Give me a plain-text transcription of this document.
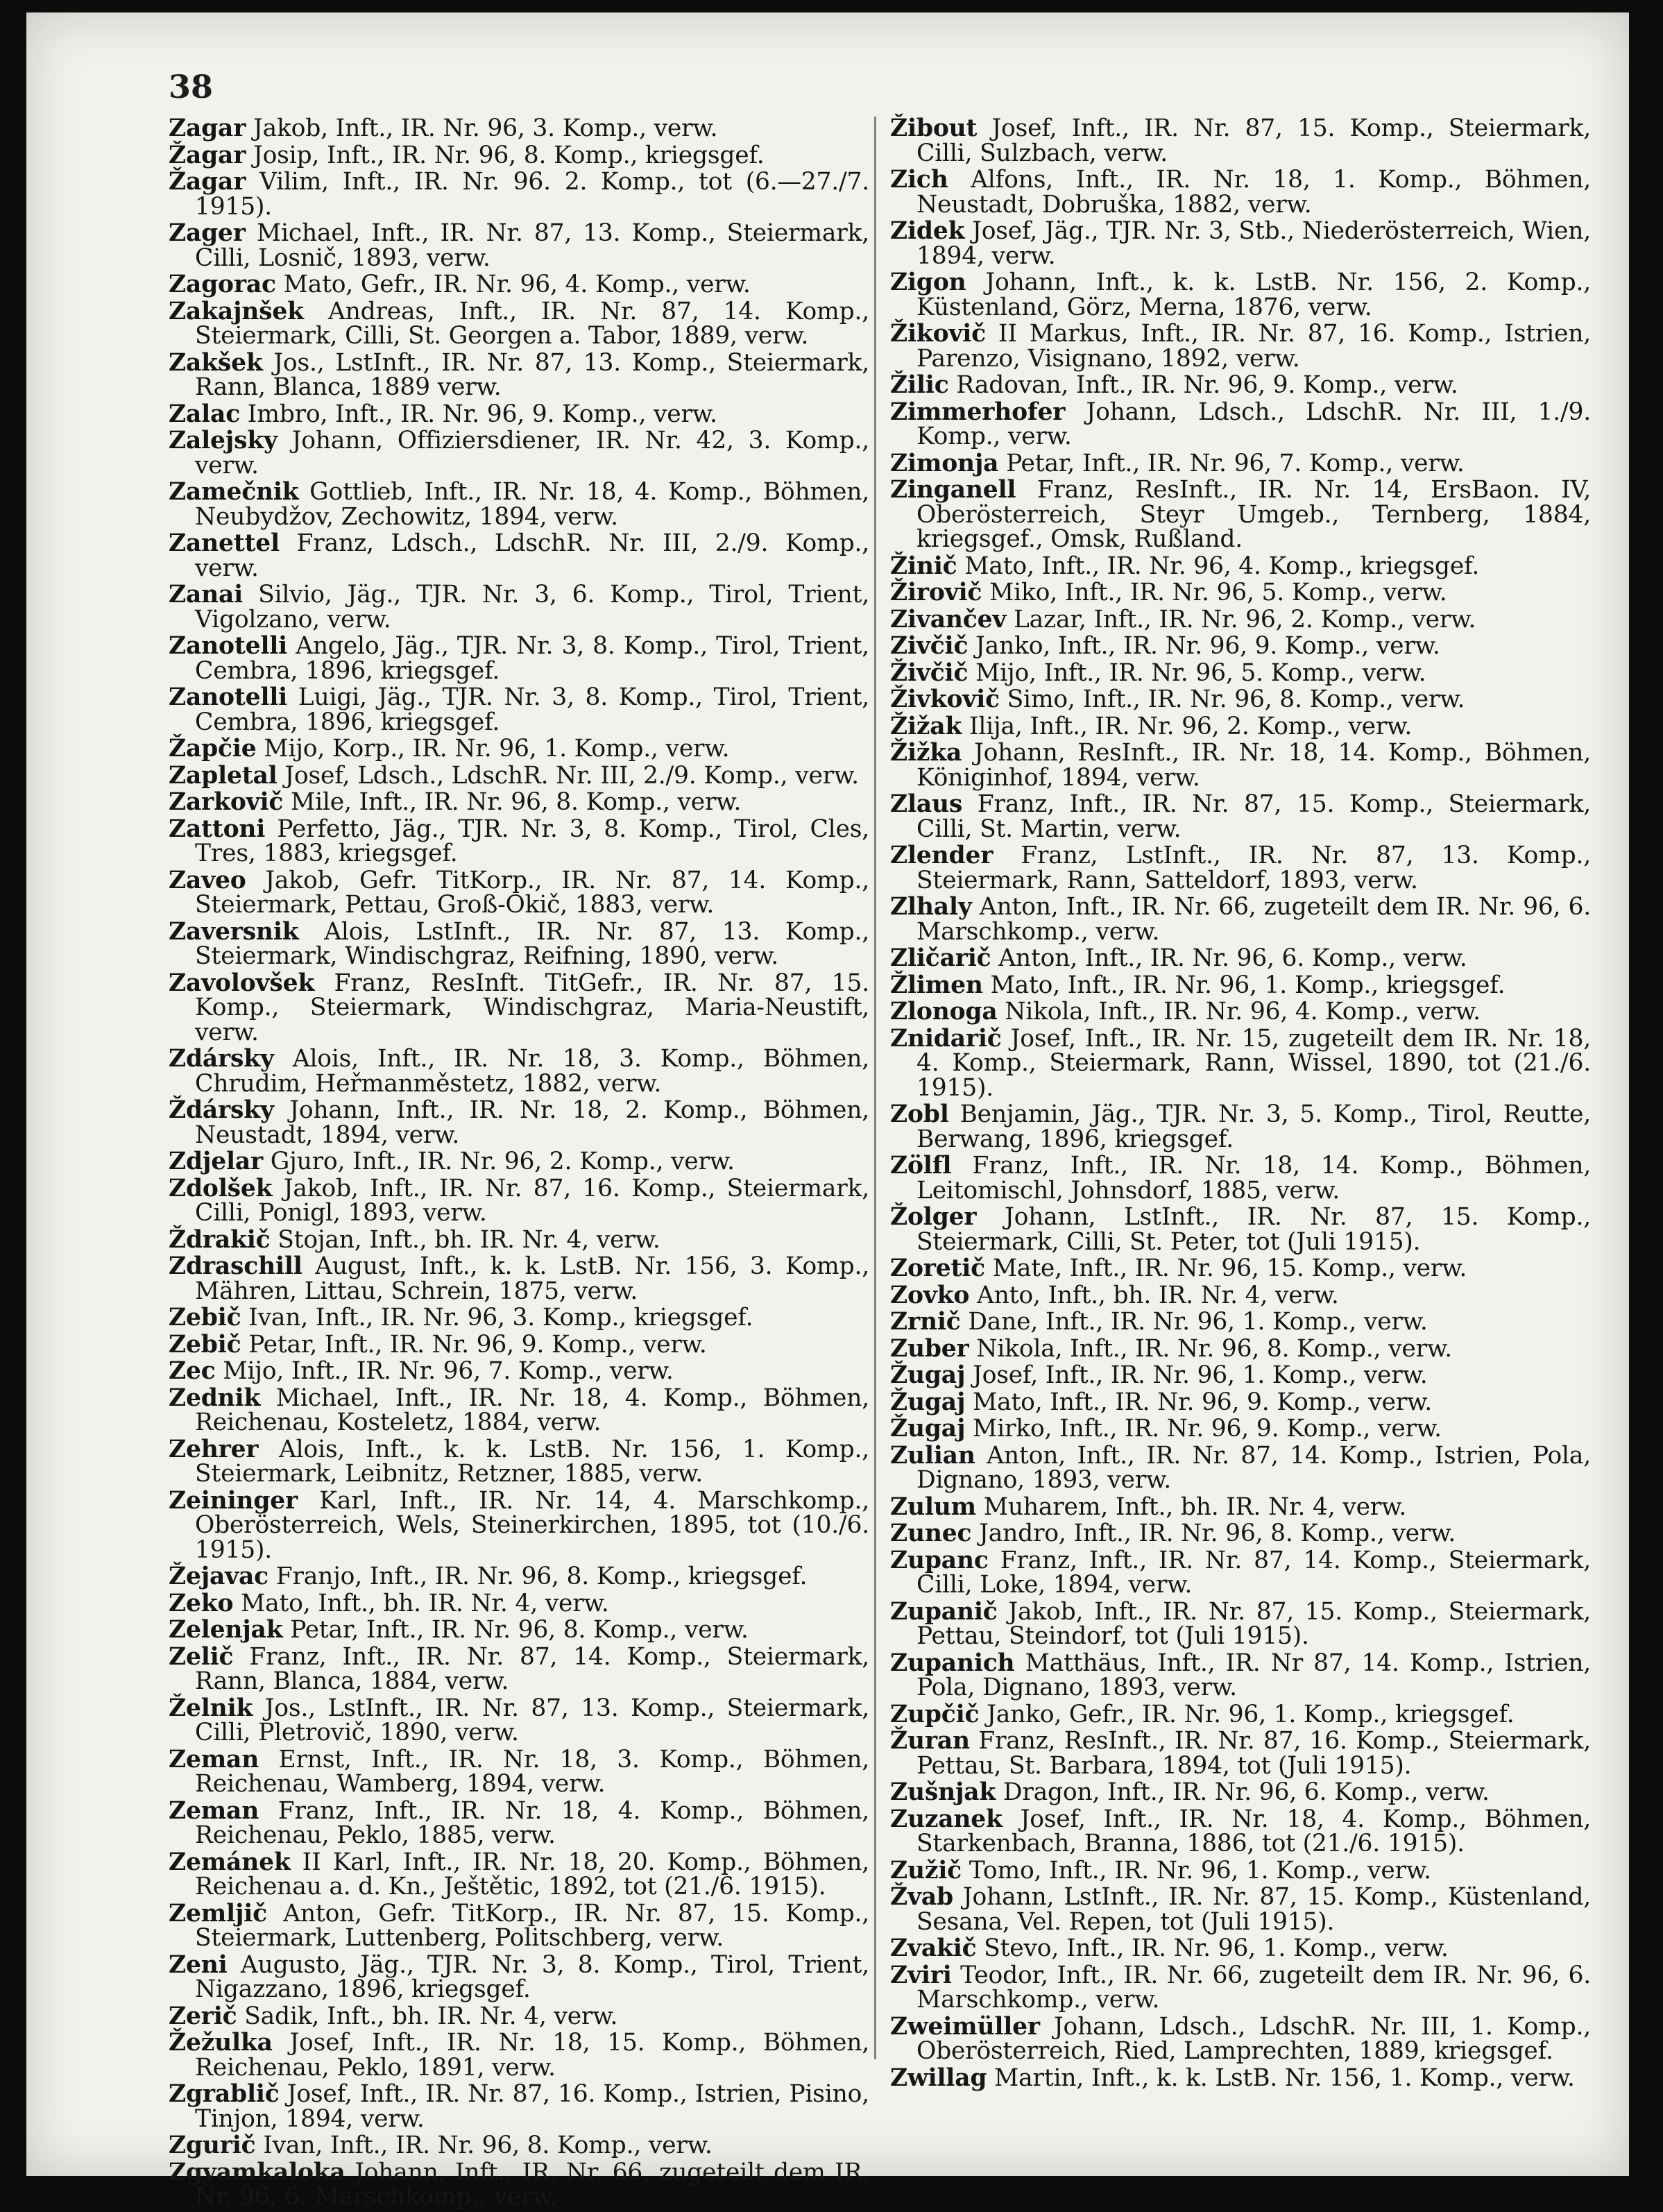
38

Zagar Jakob, Inft., IR. Nr. 96, 3. Komp., verw.

Žagar Josip, Inft., IR. Nr. 96, 8. Komp., kriegsgef.

Žagar Vilim, Inft., IR. Nr. 96. 2. Komp., tot (6.—27./7. 1915).

Zager Michael, Inft., IR. Nr. 87, 13. Komp., Steiermark, Cilli, Losnič, 1893, verw.

Zagorac Mato, Gefr., IR. Nr. 96, 4. Komp., verw.

Zakajnšek Andreas, Inft., IR. Nr. 87, 14. Komp., Steiermark, Cilli, St. Georgen a. Tabor, 1889, verw.

Zakšek Jos., LstInft., IR. Nr. 87, 13. Komp., Steiermark, Rann, Blanca, 1889 verw.

Zalac Imbro, Inft., IR. Nr. 96, 9. Komp., verw.

Zalejsky Johann, Offiziersdiener, IR. Nr. 42, 3. Komp., verw.

Zamečnik Gottlieb, Inft., IR. Nr. 18, 4. Komp., Böhmen, Neubydžov, Zechowitz, 1894, verw.

Zanettel Franz, Ldsch., LdschR. Nr. III, 2./9. Komp., verw.

Zanai Silvio, Jäg., TJR. Nr. 3, 6. Komp., Tirol, Trient, Vigolzano, verw.

Zanotelli Angelo, Jäg., TJR. Nr. 3, 8. Komp., Tirol, Trient, Cembra, 1896, kriegsgef.

Zanotelli Luigi, Jäg., TJR. Nr. 3, 8. Komp., Tirol, Trient, Cembra, 1896, kriegsgef.

Žapčie Mijo, Korp., IR. Nr. 96, 1. Komp., verw.

Zapletal Josef, Ldsch., LdschR. Nr. III, 2./9. Komp., verw.

Zarkovič Mile, Inft., IR. Nr. 96, 8. Komp., verw.

Zattoni Perfetto, Jäg., TJR. Nr. 3, 8. Komp., Tirol, Cles, Tres, 1883, kriegsgef.

Zaveo Jakob, Gefr. TitKorp., IR. Nr. 87, 14. Komp., Steiermark, Pettau, Groß-Okič, 1883, verw.

Zaversnik Alois, LstInft., IR. Nr. 87, 13. Komp., Steiermark, Windischgraz, Reifning, 1890, verw.

Zavolovšek Franz, ResInft. TitGefr., IR. Nr. 87, 15. Komp., Steiermark, Windischgraz, Maria-Neustift, verw.

Zdársky Alois, Inft., IR. Nr. 18, 3. Komp., Böhmen, Chrudim, Heřmanměstetz, 1882, verw.

Ždársky Johann, Inft., IR. Nr. 18, 2. Komp., Böhmen, Neustadt, 1894, verw.

Zdjelar Gjuro, Inft., IR. Nr. 96, 2. Komp., verw.

Zdolšek Jakob, Inft., IR. Nr. 87, 16. Komp., Steiermark, Cilli, Ponigl, 1893, verw.

Ždrakič Stojan, Inft., bh. IR. Nr. 4, verw.

Zdraschill August, Inft., k. k. LstB. Nr. 156, 3. Komp., Mähren, Littau, Schrein, 1875, verw.

Zebič Ivan, Inft., IR. Nr. 96, 3. Komp., kriegsgef.

Zebič Petar, Inft., IR. Nr. 96, 9. Komp., verw.

Zec Mijo, Inft., IR. Nr. 96, 7. Komp., verw.

Zednik Michael, Inft., IR. Nr. 18, 4. Komp., Böhmen, Reichenau, Kosteletz, 1884, verw.

Zehrer Alois, Inft., k. k. LstB. Nr. 156, 1. Komp., Steiermark, Leibnitz, Retzner, 1885, verw.

Zeininger Karl, Inft., IR. Nr. 14, 4. Marschkomp., Oberösterreich, Wels, Steinerkirchen, 1895, tot (10./6. 1915).

Žejavac Franjo, Inft., IR. Nr. 96, 8. Komp., kriegsgef.

Zeko Mato, Inft., bh. IR. Nr. 4, verw.

Zelenjak Petar, Inft., IR. Nr. 96, 8. Komp., verw.

Zelič Franz, Inft., IR. Nr. 87, 14. Komp., Steiermark, Rann, Blanca, 1884, verw.

Želnik Jos., LstInft., IR. Nr. 87, 13. Komp., Steiermark, Cilli, Pletrovič, 1890, verw.

Zeman Ernst, Inft., IR. Nr. 18, 3. Komp., Böhmen, Reichenau, Wamberg, 1894, verw.

Zeman Franz, Inft., IR. Nr. 18, 4. Komp., Böhmen, Reichenau, Peklo, 1885, verw.

Zemánek II Karl, Inft., IR. Nr. 18, 20. Komp., Böhmen, Reichenau a. d. Kn., Ještětic, 1892, tot (21./6. 1915).

Zemljič Anton, Gefr. TitKorp., IR. Nr. 87, 15. Komp., Steiermark, Luttenberg, Politschberg, verw.

Zeni Augusto, Jäg., TJR. Nr. 3, 8. Komp., Tirol, Trient, Nigazzano, 1896, kriegsgef.

Zerič Sadik, Inft., bh. IR. Nr. 4, verw.

Žežulka Josef, Inft., IR. Nr. 18, 15. Komp., Böhmen, Reichenau, Peklo, 1891, verw.

Zgrablič Josef, Inft., IR. Nr. 87, 16. Komp., Istrien, Pisino, Tinjon, 1894, verw.

Zgurič Ivan, Inft., IR. Nr. 96, 8. Komp., verw.

Zgyamkaloka Johann, Inft., IR. Nr. 66, zugeteilt dem IR. Nr. 96, 6. Marschkomp., verw.

Žibout Josef, Inft., IR. Nr. 87, 15. Komp., Steiermark, Cilli, Sulzbach, verw.

Zich Alfons, Inft., IR. Nr. 18, 1. Komp., Böhmen, Neustadt, Dobruška, 1882, verw.

Zidek Josef, Jäg., TJR. Nr. 3, Stb., Niederösterreich, Wien, 1894, verw.

Zigon Johann, Inft., k. k. LstB. Nr. 156, 2. Komp., Küstenland, Görz, Merna, 1876, verw.

Žikovič II Markus, Inft., IR. Nr. 87, 16. Komp., Istrien, Parenzo, Visignano, 1892, verw.

Žilic Radovan, Inft., IR. Nr. 96, 9. Komp., verw.

Zimmerhofer Johann, Ldsch., LdschR. Nr. III, 1./9. Komp., verw.

Zimonja Petar, Inft., IR. Nr. 96, 7. Komp., verw.

Zinganell Franz, ResInft., IR. Nr. 14, ErsBaon. IV, Oberösterreich, Steyr Umgeb., Ternberg, 1884, kriegsgef., Omsk, Rußland.

Žinič Mato, Inft., IR. Nr. 96, 4. Komp., kriegsgef.

Žirovič Miko, Inft., IR. Nr. 96, 5. Komp., verw.

Zivančev Lazar, Inft., IR. Nr. 96, 2. Komp., verw.

Zivčič Janko, Inft., IR. Nr. 96, 9. Komp., verw.

Živčič Mijo, Inft., IR. Nr. 96, 5. Komp., verw.

Živkovič Simo, Inft., IR. Nr. 96, 8. Komp., verw.

Žižak Ilija, Inft., IR. Nr. 96, 2. Komp., verw.

Žižka Johann, ResInft., IR. Nr. 18, 14. Komp., Böhmen, Königinhof, 1894, verw.

Zlaus Franz, Inft., IR. Nr. 87, 15. Komp., Steiermark, Cilli, St. Martin, verw.

Zlender Franz, LstInft., IR. Nr. 87, 13. Komp., Steiermark, Rann, Satteldorf, 1893, verw.

Zlhaly Anton, Inft., IR. Nr. 66, zugeteilt dem IR. Nr. 96, 6. Marschkomp., verw.

Zličarič Anton, Inft., IR. Nr. 96, 6. Komp., verw.

Žlimen Mato, Inft., IR. Nr. 96, 1. Komp., kriegsgef.

Zlonoga Nikola, Inft., IR. Nr. 96, 4. Komp., verw.

Znidarič Josef, Inft., IR. Nr. 15, zugeteilt dem IR. Nr. 18, 4. Komp., Steiermark, Rann, Wissel, 1890, tot (21./6. 1915).

Zobl Benjamin, Jäg., TJR. Nr. 3, 5. Komp., Tirol, Reutte, Berwang, 1896, kriegsgef.

Zölfl Franz, Inft., IR. Nr. 18, 14. Komp., Böhmen, Leitomischl, Johnsdorf, 1885, verw.

Žolger Johann, LstInft., IR. Nr. 87, 15. Komp., Steiermark, Cilli, St. Peter, tot (Juli 1915).

Zoretič Mate, Inft., IR. Nr. 96, 15. Komp., verw.

Zovko Anto, Inft., bh. IR. Nr. 4, verw.

Zrnič Dane, Inft., IR. Nr. 96, 1. Komp., verw.

Zuber Nikola, Inft., IR. Nr. 96, 8. Komp., verw.

Žugaj Josef, Inft., IR. Nr. 96, 1. Komp., verw.

Žugaj Mato, Inft., IR. Nr. 96, 9. Komp., verw.

Žugaj Mirko, Inft., IR. Nr. 96, 9. Komp., verw.

Zulian Anton, Inft., IR. Nr. 87, 14. Komp., Istrien, Pola, Dignano, 1893, verw.

Zulum Muharem, Inft., bh. IR. Nr. 4, verw.

Zunec Jandro, Inft., IR. Nr. 96, 8. Komp., verw.

Zupanc Franz, Inft., IR. Nr. 87, 14. Komp., Steiermark, Cilli, Loke, 1894, verw.

Zupanič Jakob, Inft., IR. Nr. 87, 15. Komp., Steiermark, Pettau, Steindorf, tot (Juli 1915).

Zupanich Matthäus, Inft., IR. Nr 87, 14. Komp., Istrien, Pola, Dignano, 1893, verw.

Zupčič Janko, Gefr., IR. Nr. 96, 1. Komp., kriegsgef.

Žuran Franz, ResInft., IR. Nr. 87, 16. Komp., Steiermark, Pettau, St. Barbara, 1894, tot (Juli 1915).

Zušnjak Dragon, Inft., IR. Nr. 96, 6. Komp., verw.

Zuzanek Josef, Inft., IR. Nr. 18, 4. Komp., Böhmen, Starkenbach, Branna, 1886, tot (21./6. 1915).

Zužič Tomo, Inft., IR. Nr. 96, 1. Komp., verw.

Žvab Johann, LstInft., IR. Nr. 87, 15. Komp., Küstenland, Sesana, Vel. Repen, tot (Juli 1915).

Zvakič Stevo, Inft., IR. Nr. 96, 1. Komp., verw.

Zviri Teodor, Inft., IR. Nr. 66, zugeteilt dem IR. Nr. 96, 6. Marschkomp., verw.

Zweimüller Johann, Ldsch., LdschR. Nr. III, 1. Komp., Oberösterreich, Ried, Lamprechten, 1889, kriegsgef.

Zwillag Martin, Inft., k. k. LstB. Nr. 156, 1. Komp., verw.
